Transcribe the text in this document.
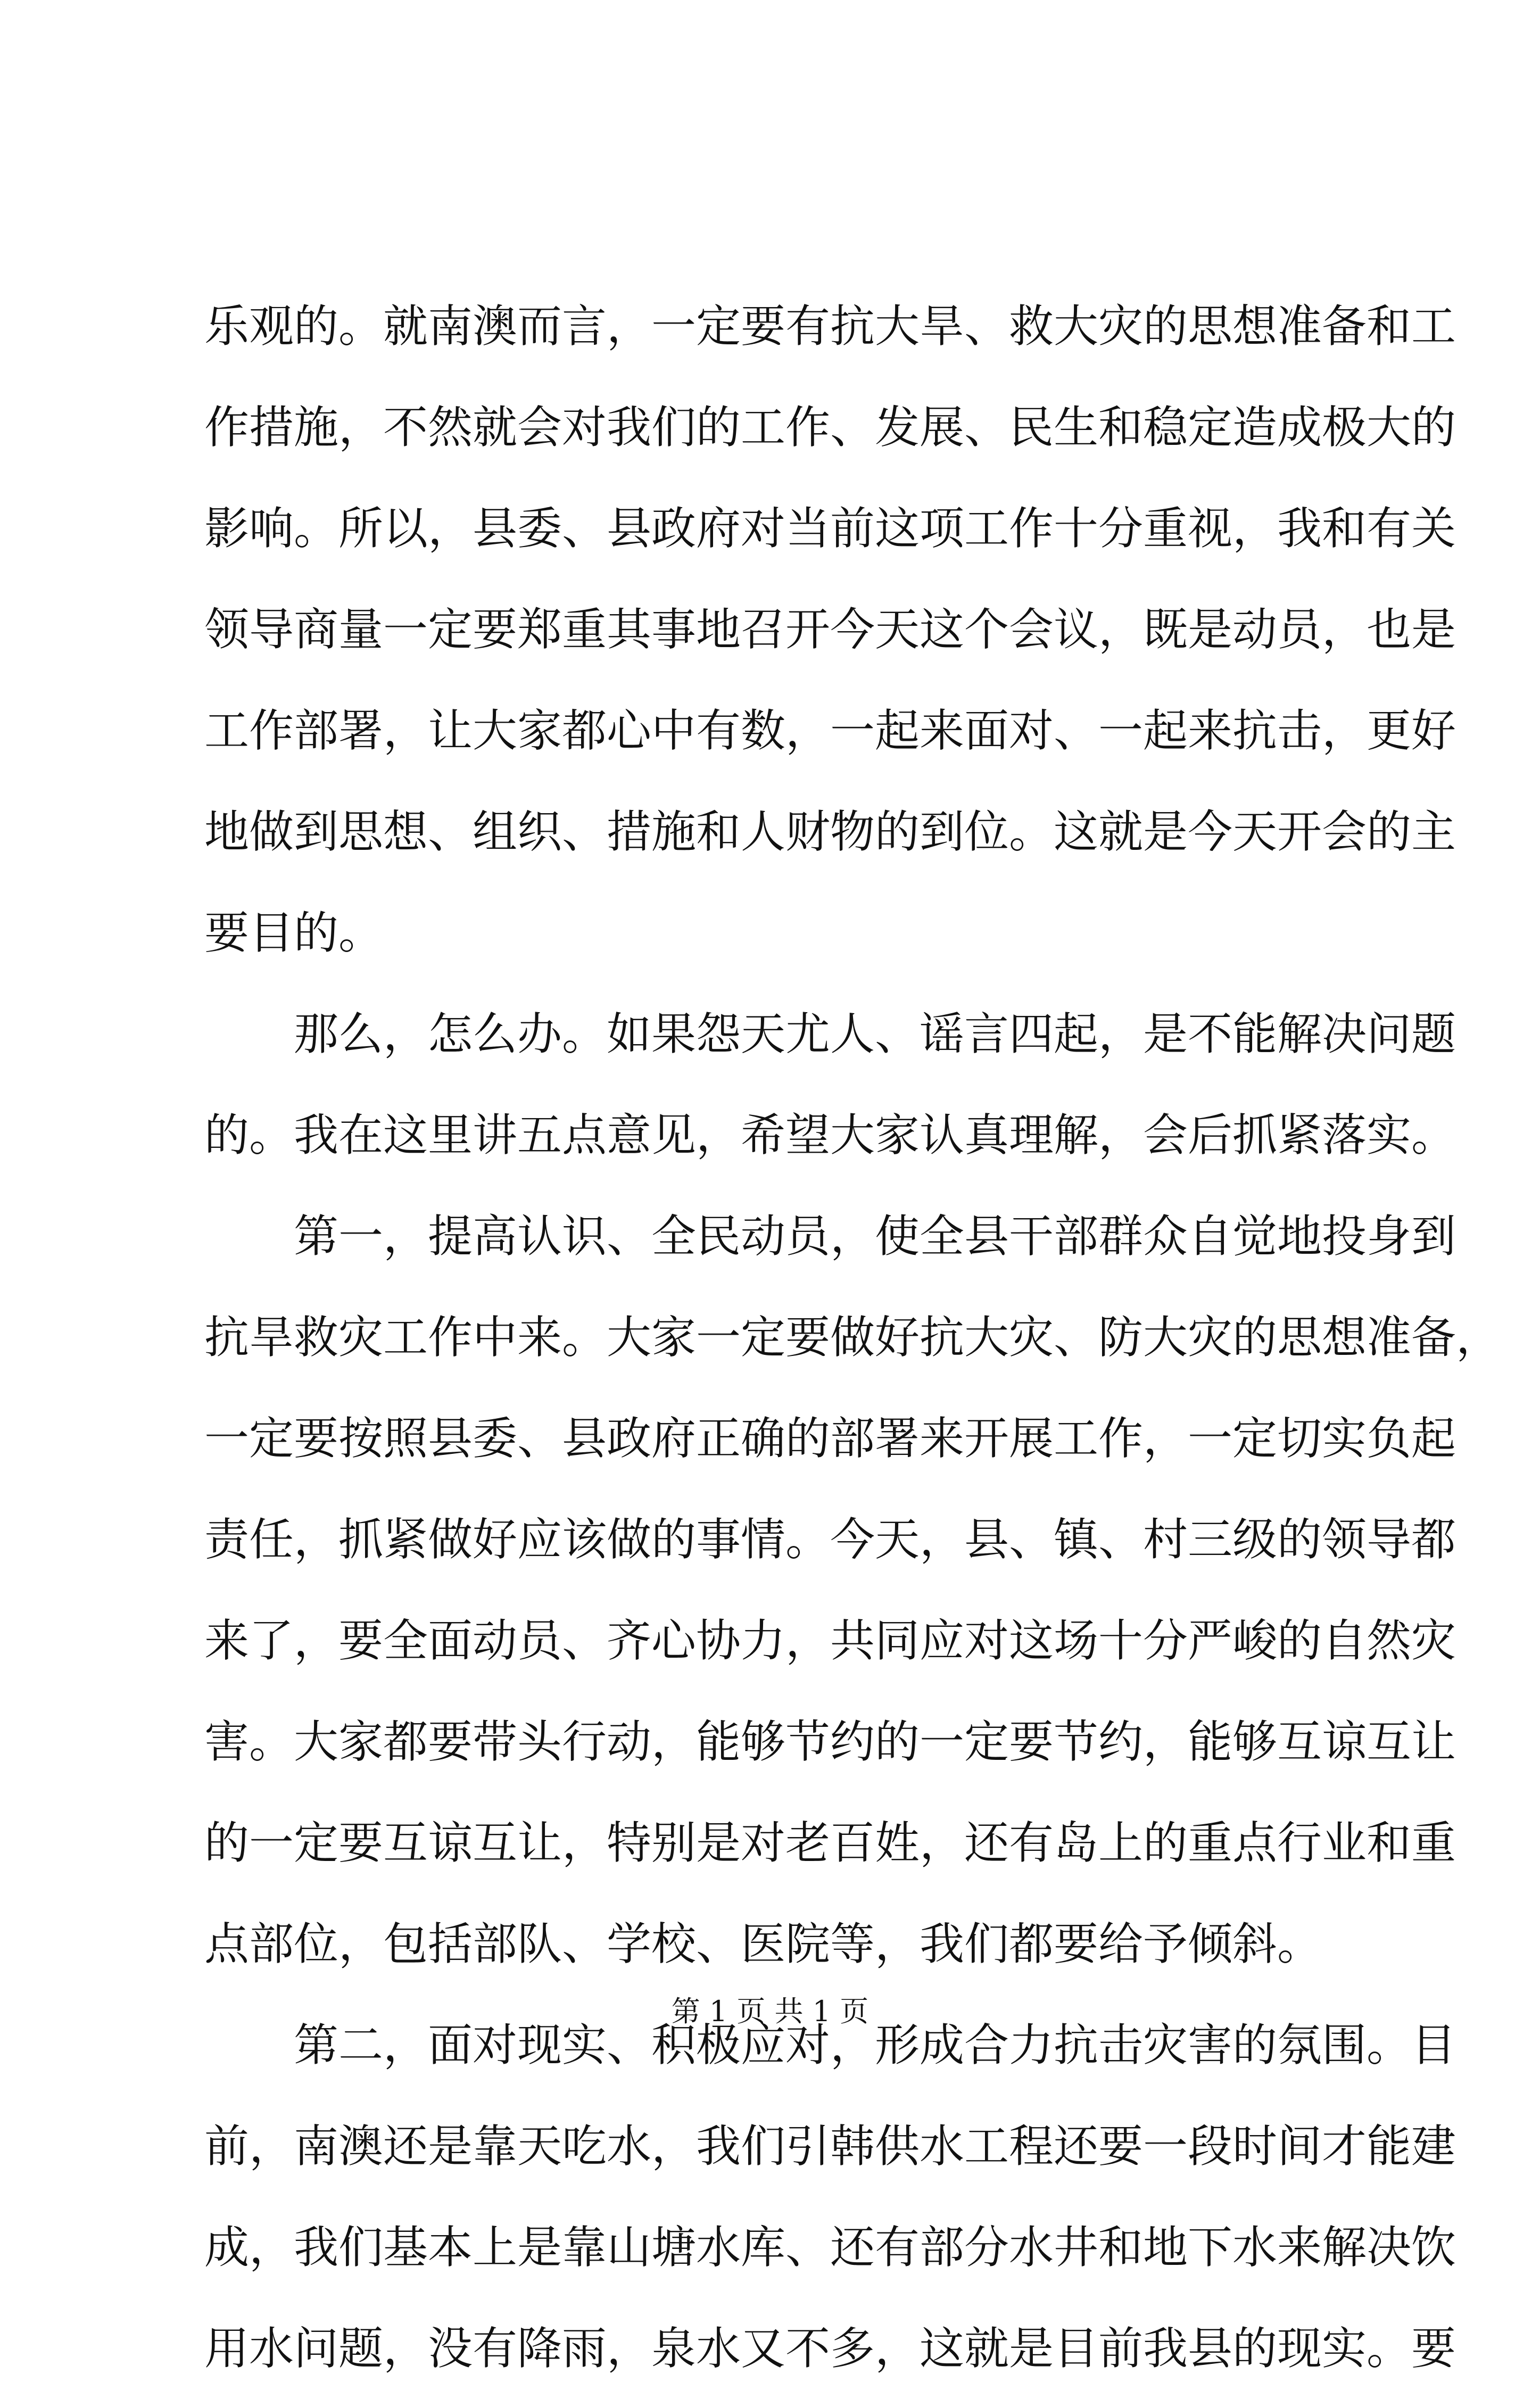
乐观的。就南澳而言，一定要有抗大旱、救大灾的思想准备和工
作措施，不然就会对我们的工作、发展、民生和稳定造成极大的
影响。所以，县委、县政府对当前这项工作十分重视，我和有关
领导商量一定要郑重其事地召开今天这个会议，既是动员，也是
工作部署，让大家都心中有数，一起来面对、一起来抗击，更好
地做到思想、组织、措施和人财物的到位。这就是今天开会的主
要目的。
那么，怎么办。如果怨天尤人、谣言四起，是不能解决问题
的。我在这里讲五点意见，希望大家认真理解，会后抓紧落实。
第一，提高认识、全民动员，使全县干部群众自觉地投身到
抗旱救灾工作中来。大家一定要做好抗大灾、防大灾的思想准备，
一定要按照县委、县政府正确的部署来开展工作，一定切实负起
责任，抓紧做好应该做的事情。今天，县、镇、村三级的领导都
来了，要全面动员、齐心协力，共同应对这场十分严峻的自然灾
害。大家都要带头行动，能够节约的一定要节约，能够互谅互让
的一定要互谅互让，特别是对老百姓，还有岛上的重点行业和重
点部位，包括部队、学校、医院等，我们都要给予倾斜。
第二，面对现实、积极应对，形成合力抗击灾害的氛围。目
前，南澳还是靠天吃水，我们引韩供水工程还要一段时间才能建
成，我们基本上是靠山塘水库、还有部分水井和地下水来解决饮
用水问题，没有降雨，泉水又不多，这就是目前我县的现实。要
第 1 页 共 1 页
